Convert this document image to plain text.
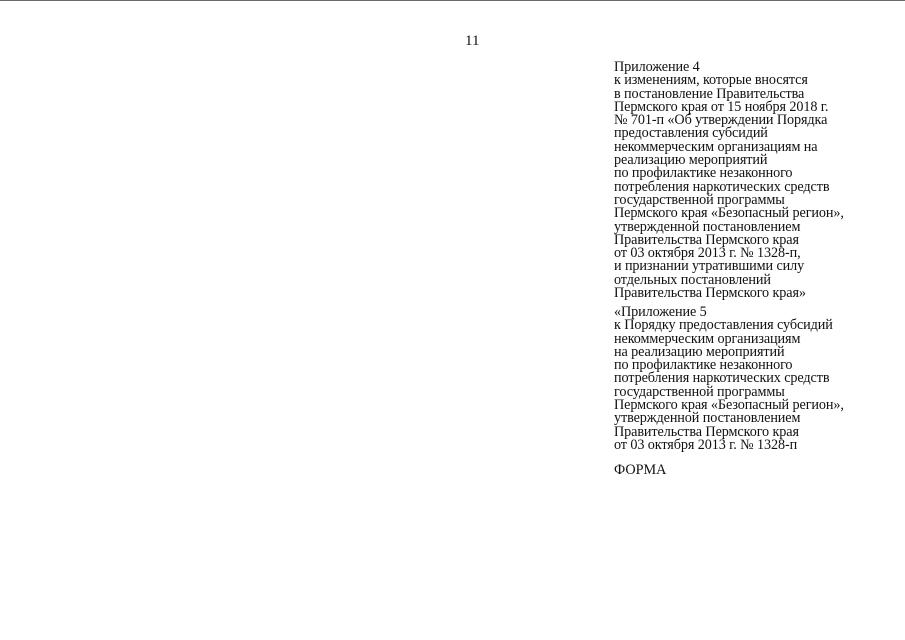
11
Приложение 4
к изменениям, которые вносятся
в постановление Правительства
Пермского края от 15 ноября 2018 г.
№ 701-п «Об утверждении Порядка
предоставления субсидий
некоммерческим организациям на
реализацию мероприятий
по профилактике незаконного
потребления наркотических средств
государственной программы
Пермского края «Безопасный регион»,
утвержденной постановлением
Правительства Пермского края
от 03 октября 2013 г. № 1328-п,
и признании утратившими силу
отдельных постановлений
Правительства Пермского края»
«Приложение 5
к Порядку предоставления субсидий
некоммерческим организациям
на реализацию мероприятий
по профилактике незаконного
потребления наркотических средств
государственной программы
Пермского края «Безопасный регион»,
утвержденной постановлением
Правительства Пермского края
от 03 октября 2013 г. № 1328-п
ФОРМА
